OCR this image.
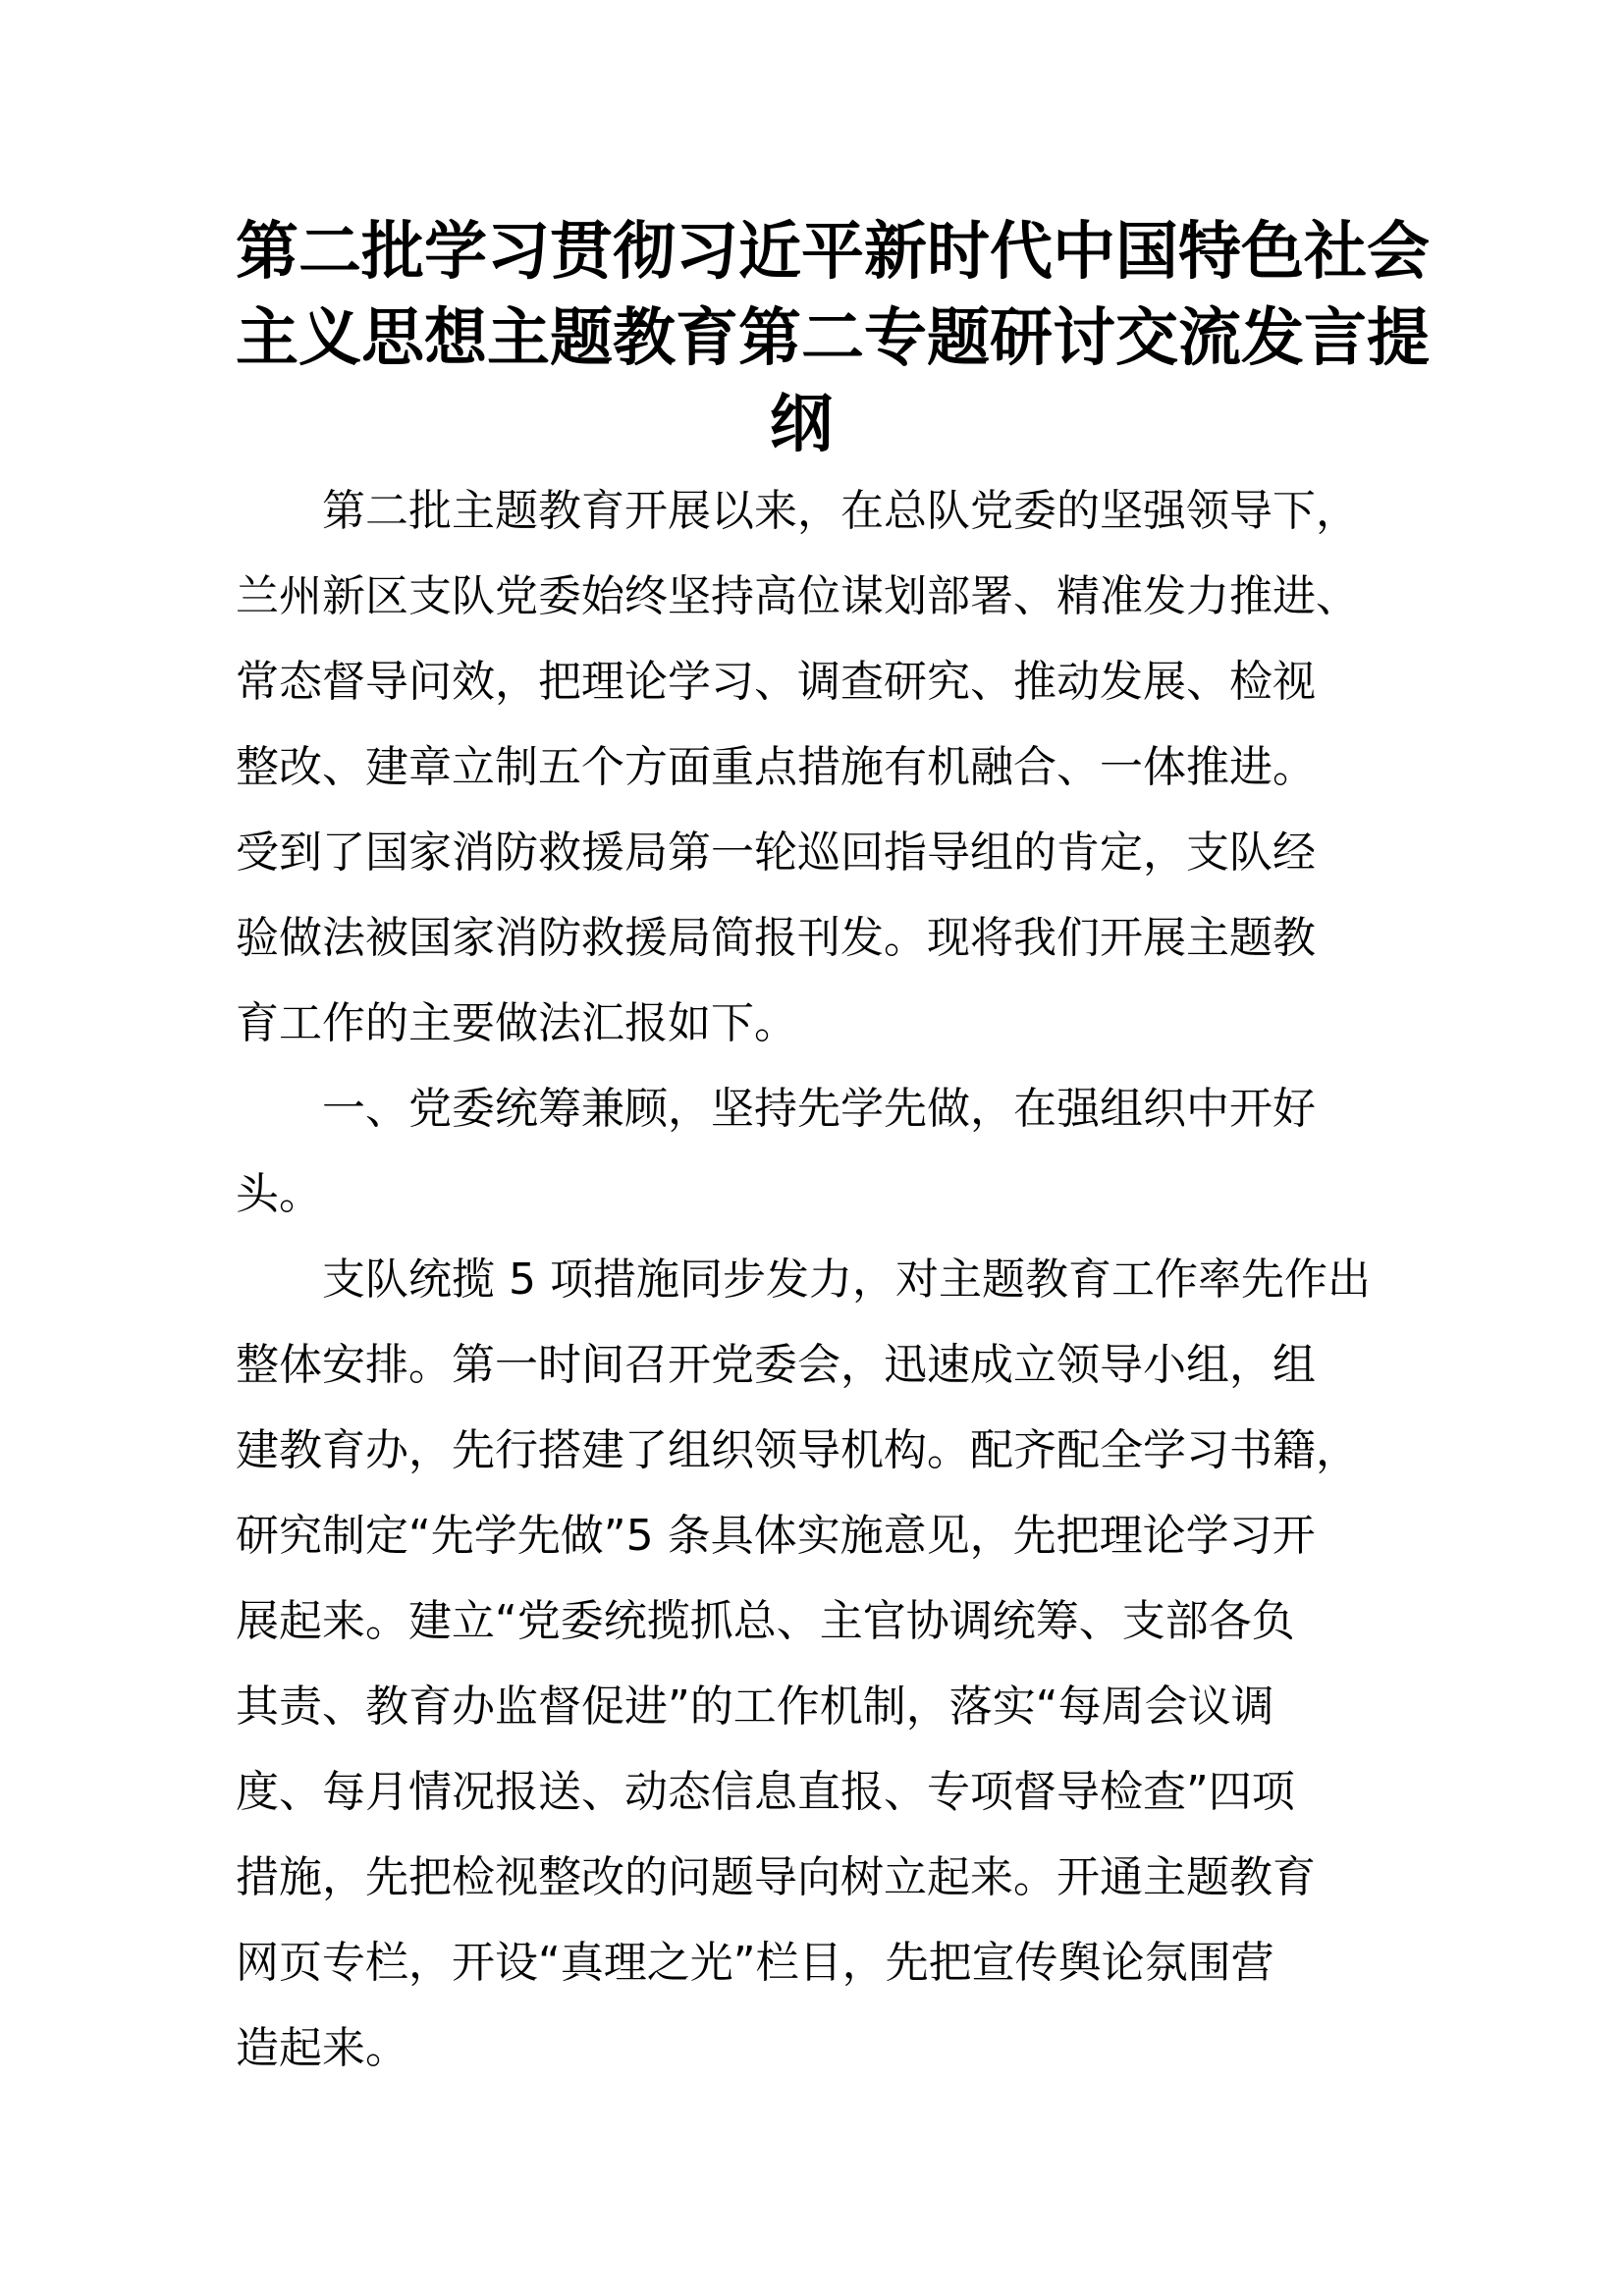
第二批学习贯彻习近平新时代中国特色社会
主义思想主题教育第二专题研讨交流发言提
纲
第二批主题教育开展以来，在总队党委的坚强领导下，
兰州新区支队党委始终坚持高位谋划部署、精准发力推进、
常态督导问效，把理论学习、调查研究、推动发展、检视
整改、建章立制五个方面重点措施有机融合、一体推进。
受到了国家消防救援局第一轮巡回指导组的肯定，支队经
验做法被国家消防救援局简报刊发。现将我们开展主题教
育工作的主要做法汇报如下。
一、党委统筹兼顾，坚持先学先做，在强组织中开好
头。
支队统揽 5 项措施同步发力，对主题教育工作率先作出
整体安排。第一时间召开党委会，迅速成立领导小组，组
建教育办，先行搭建了组织领导机构。配齐配全学习书籍，
研究制定“先学先做”5 条具体实施意见，先把理论学习开
展起来。建立“党委统揽抓总、主官协调统筹、支部各负
其责、教育办监督促进”的工作机制，落实“每周会议调
度、每月情况报送、动态信息直报、专项督导检查”四项
措施，先把检视整改的问题导向树立起来。开通主题教育
网页专栏，开设“真理之光”栏目，先把宣传舆论氛围营
造起来。
